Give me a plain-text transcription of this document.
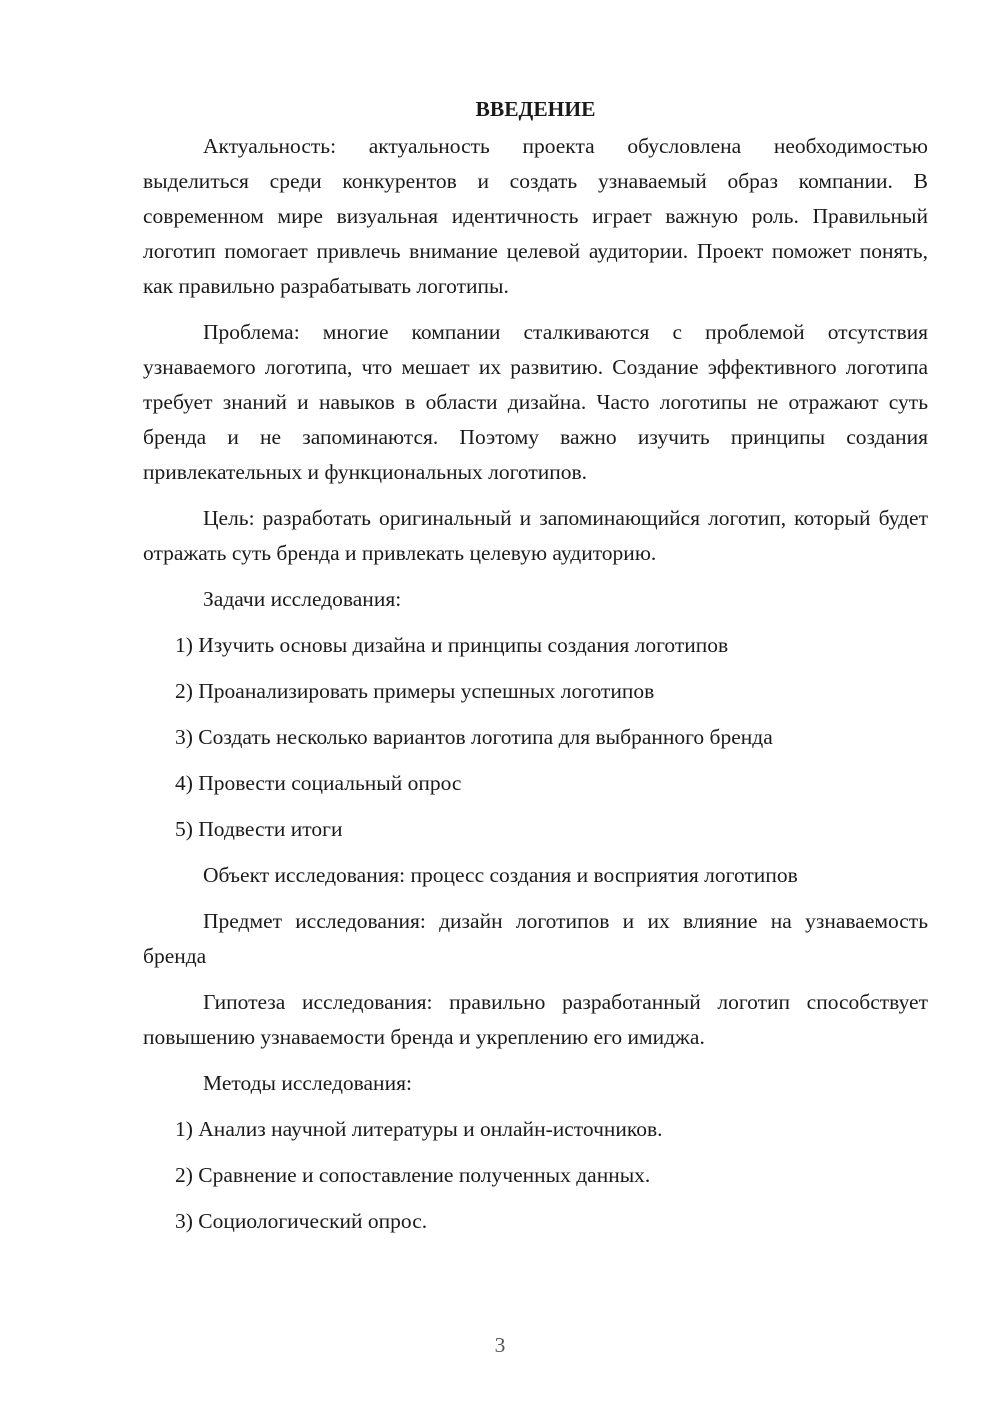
ВВЕДЕНИЕ

Актуальность: актуальность проекта обусловлена необходимостью выделиться среди конкурентов и создать узнаваемый образ компании. В современном мире визуальная идентичность играет важную роль. Правильный логотип помогает привлечь внимание целевой аудитории. Проект поможет понять, как правильно разрабатывать логотипы.

Проблема: многие компании сталкиваются с проблемой отсутствия узнаваемого логотипа, что мешает их развитию. Создание эффективного логотипа требует знаний и навыков в области дизайна. Часто логотипы не отражают суть бренда и не запоминаются. Поэтому важно изучить принципы создания привлекательных и функциональных логотипов.

Цель: разработать оригинальный и запоминающийся логотип, который будет отражать суть бренда и привлекать целевую аудиторию.

Задачи исследования:

1) Изучить основы дизайна и принципы создания логотипов
2) Проанализировать примеры успешных логотипов
3) Создать несколько вариантов логотипа для выбранного бренда
4) Провести социальный опрос
5) Подвести итоги

Объект исследования: процесс создания и восприятия логотипов

Предмет исследования: дизайн логотипов и их влияние на узнаваемость бренда

Гипотеза исследования: правильно разработанный логотип способствует повышению узнаваемости бренда и укреплению его имиджа.

Методы исследования:

1) Анализ научной литературы и онлайн-источников.
2) Сравнение и сопоставление полученных данных.
3) Социологический опрос.
3
